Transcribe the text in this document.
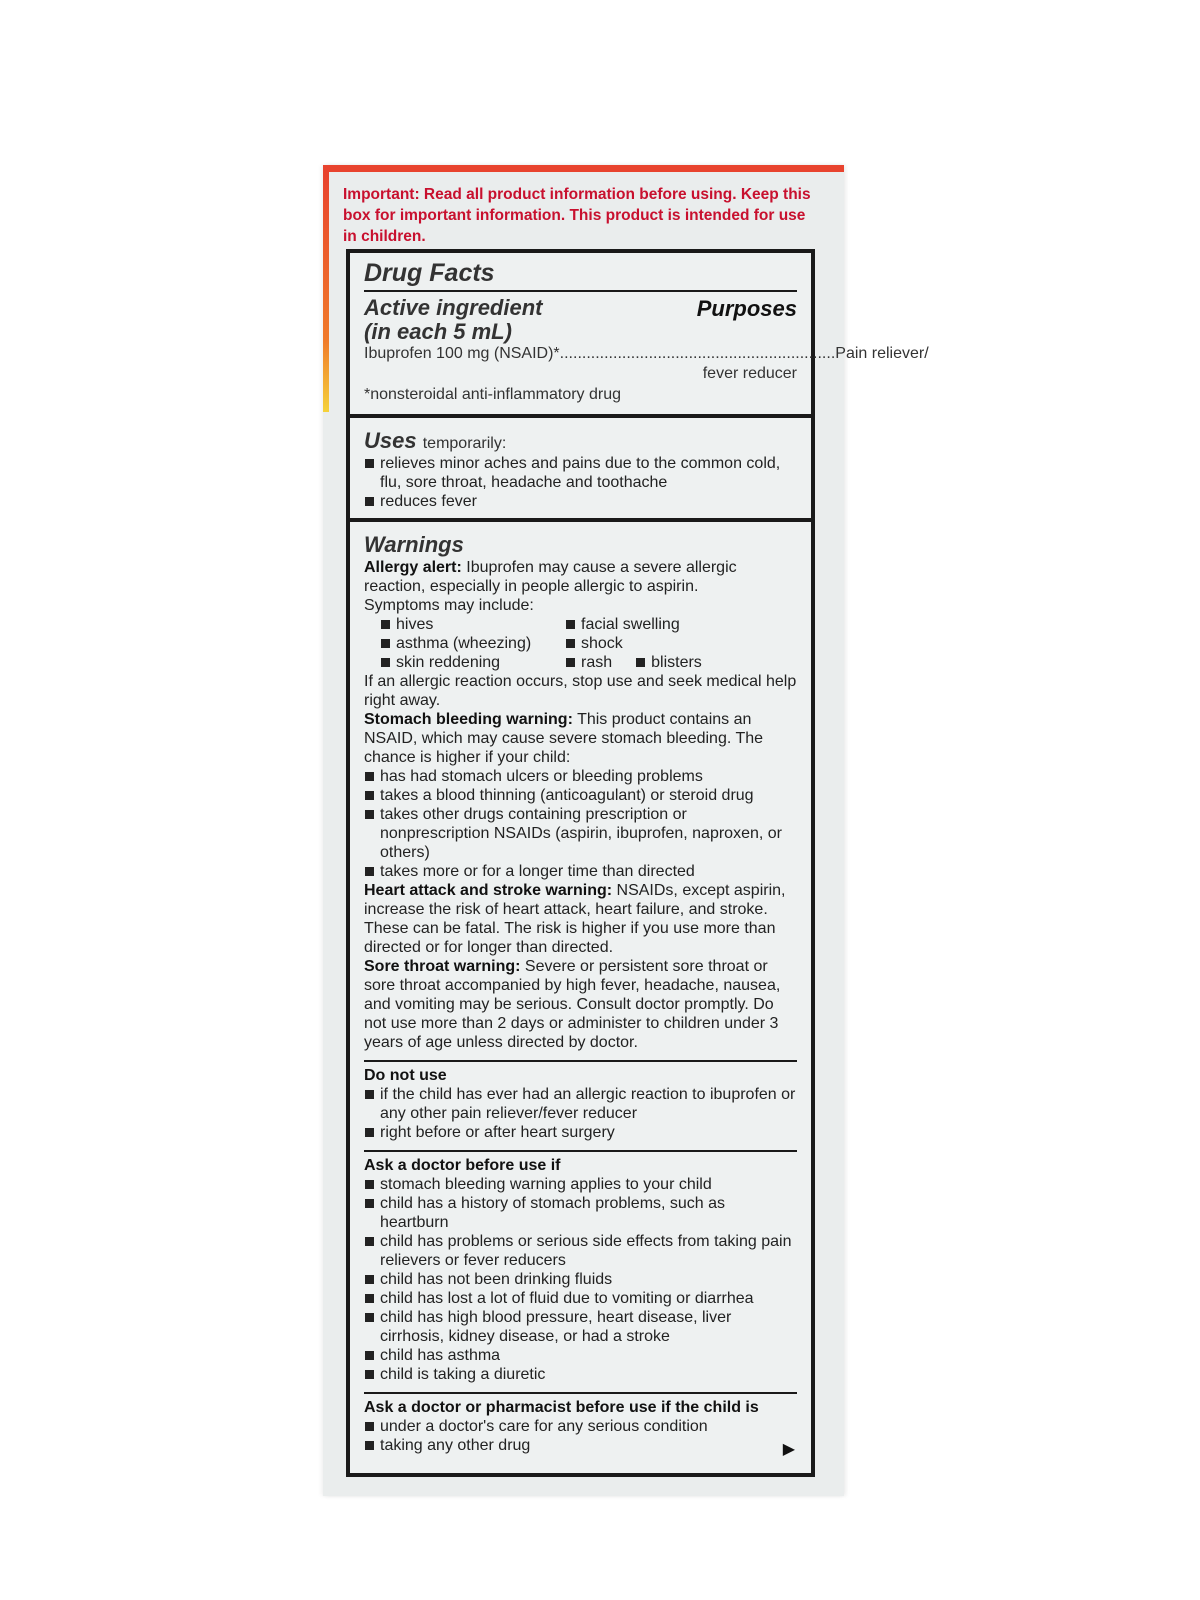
Important: Read all product information before using. Keep this box for important information. This product is intended for use in children.
Drug Facts
Active ingredient
(in each 5 mL)
Purposes
Ibuprofen 100 mg (NSAID)* .............................................................. Pain reliever/
fever reducer
*nonsteroidal anti-inflammatory drug
Uses temporarily:
relieves minor aches and pains due to the common cold, flu, sore throat, headache and toothache
reduces fever
Warnings
Allergy alert: Ibuprofen may cause a severe allergic reaction, especially in people allergic to aspirin.
Symptoms may include:
hives	facial swelling
asthma (wheezing)	shock
skin reddening	rash blisters
If an allergic reaction occurs, stop use and seek medical help right away.
Stomach bleeding warning: This product contains an NSAID, which may cause severe stomach bleeding. The chance is higher if your child:
has had stomach ulcers or bleeding problems
takes a blood thinning (anticoagulant) or steroid drug
takes other drugs containing prescription or nonprescription NSAIDs (aspirin, ibuprofen, naproxen, or others)
takes more or for a longer time than directed
Heart attack and stroke warning: NSAIDs, except aspirin, increase the risk of heart attack, heart failure, and stroke. These can be fatal. The risk is higher if you use more than directed or for longer than directed.
Sore throat warning: Severe or persistent sore throat or sore throat accompanied by high fever, headache, nausea, and vomiting may be serious. Consult doctor promptly. Do not use more than 2 days or administer to children under 3 years of age unless directed by doctor.
Do not use
if the child has ever had an allergic reaction to ibuprofen or any other pain reliever/fever reducer
right before or after heart surgery
Ask a doctor before use if
stomach bleeding warning applies to your child
child has a history of stomach problems, such as heartburn
child has problems or serious side effects from taking pain relievers or fever reducers
child has not been drinking fluids
child has lost a lot of fluid due to vomiting or diarrhea
child has high blood pressure, heart disease, liver cirrhosis, kidney disease, or had a stroke
child has asthma
child is taking a diuretic
Ask a doctor or pharmacist before use if the child is
under a doctor's care for any serious condition
taking any other drug	▶
